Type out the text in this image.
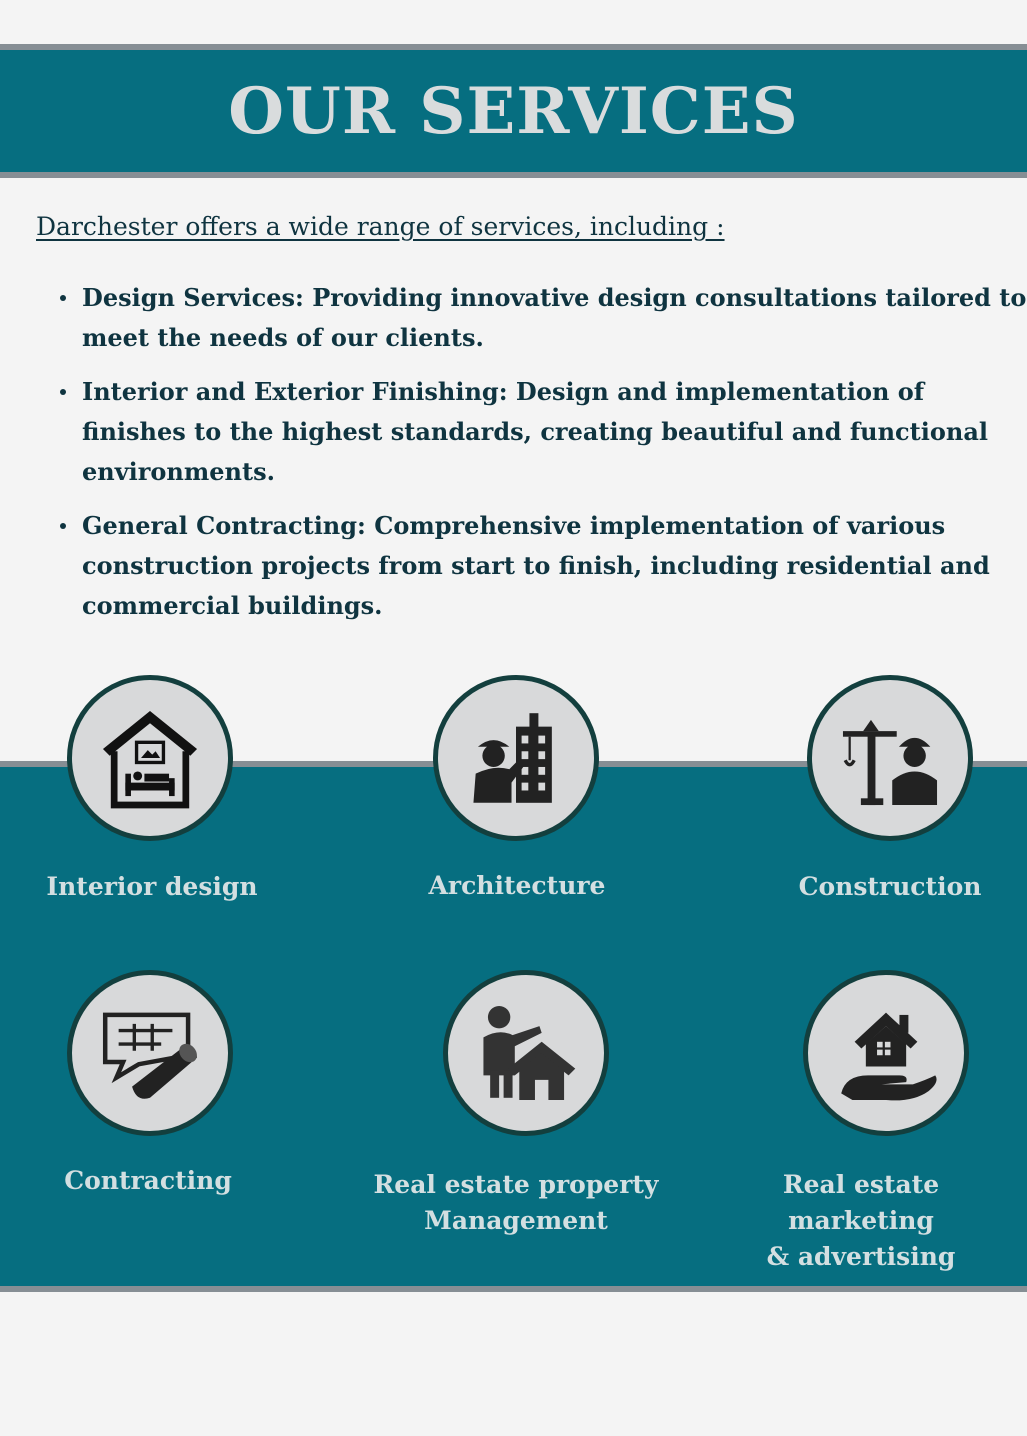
OUR SERVICES

Darchester offers a wide range of services, including :

Design Services: Providing innovative design consultations tailored to meet the needs of our clients.
Interior and Exterior Finishing: Design and implementation of finishes to the highest standards, creating beautiful and functional environments.
General Contracting: Comprehensive implementation of various construction projects from start to finish, including residential and commercial buildings.
Interior design	Architecture	Construction
Contracting	Real estate property
Management
Real estate marketing
& advertising
